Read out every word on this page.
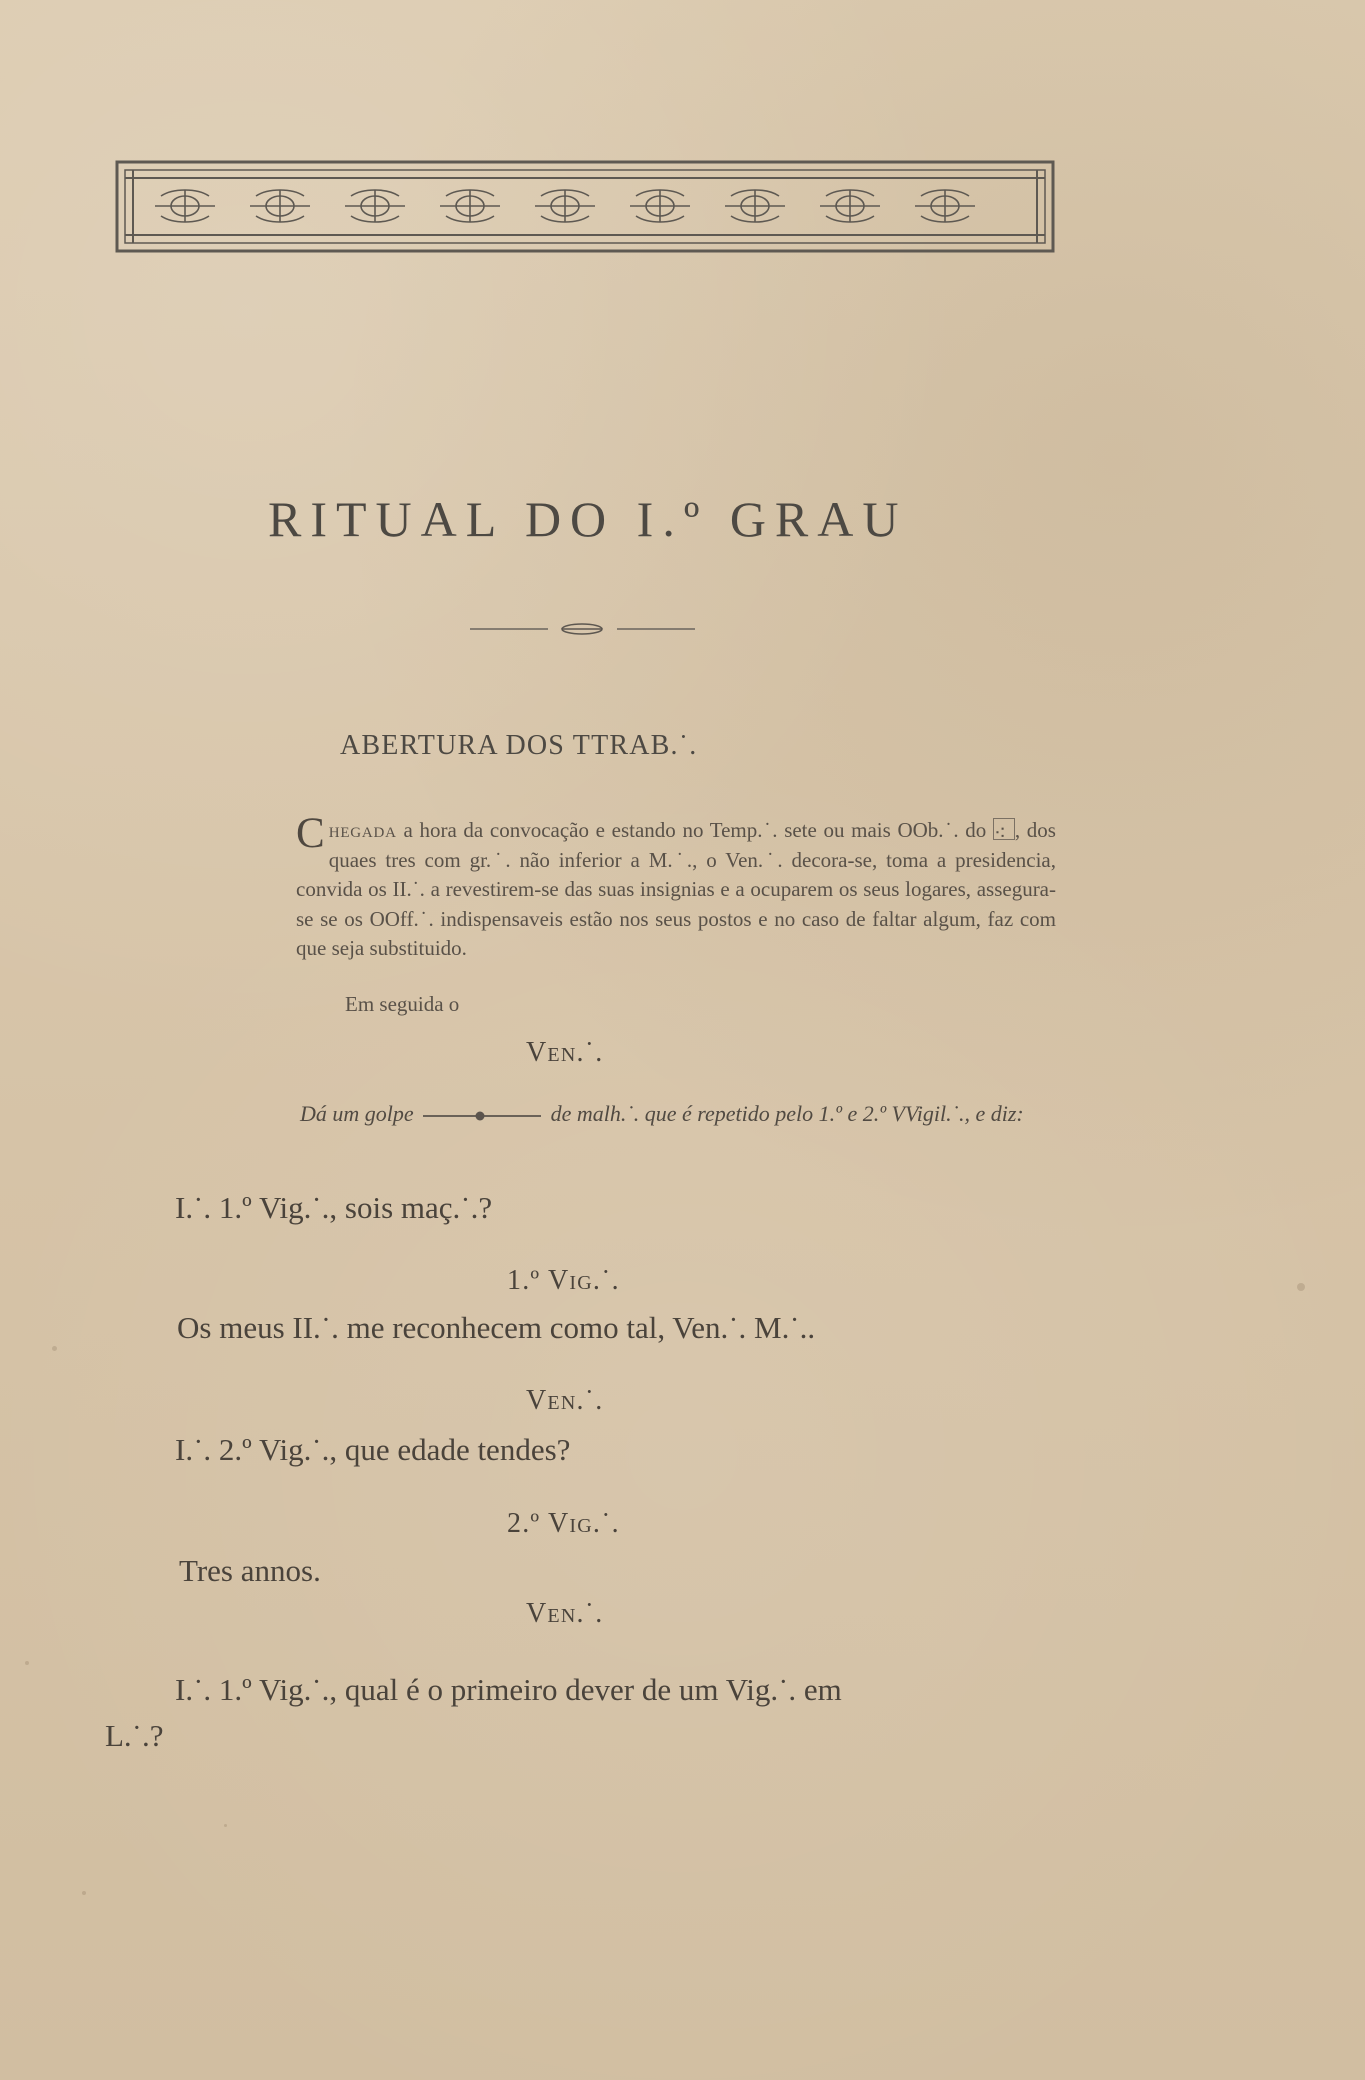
RITUAL DO I.º GRAU
ABERTURA DOS TTRAB.˙.
C hegada a hora da convocação e estando no Temp.˙. sete ou mais OOb.˙. do ⁖ , dos quaes tres com gr.˙. não inferior a M.˙., o Ven.˙. decora-se, toma a presidencia, convida os II.˙. a revestirem-se das suas insignias e a ocuparem os seus logares, assegura-se se os OOff.˙. indispensaveis estão nos seus postos e no caso de faltar algum, faz com que seja substituido.
Em seguida o
Ven.˙.
Dá um golpe	de malh.˙. que é repetido pelo 1.º e 2.º VVigil.˙., e diz:
I.˙. 1.º Vig.˙., sois maç.˙.?
1.º Vig.˙.
Os meus II.˙. me reconhecem como tal, Ven.˙. M.˙..
Ven.˙.
I.˙. 2.º Vig.˙., que edade tendes?
2.º Vig.˙.
Tres annos.
Ven.˙.
I.˙. 1.º Vig.˙., qual é o primeiro dever de um Vig.˙. em
L.˙.?
